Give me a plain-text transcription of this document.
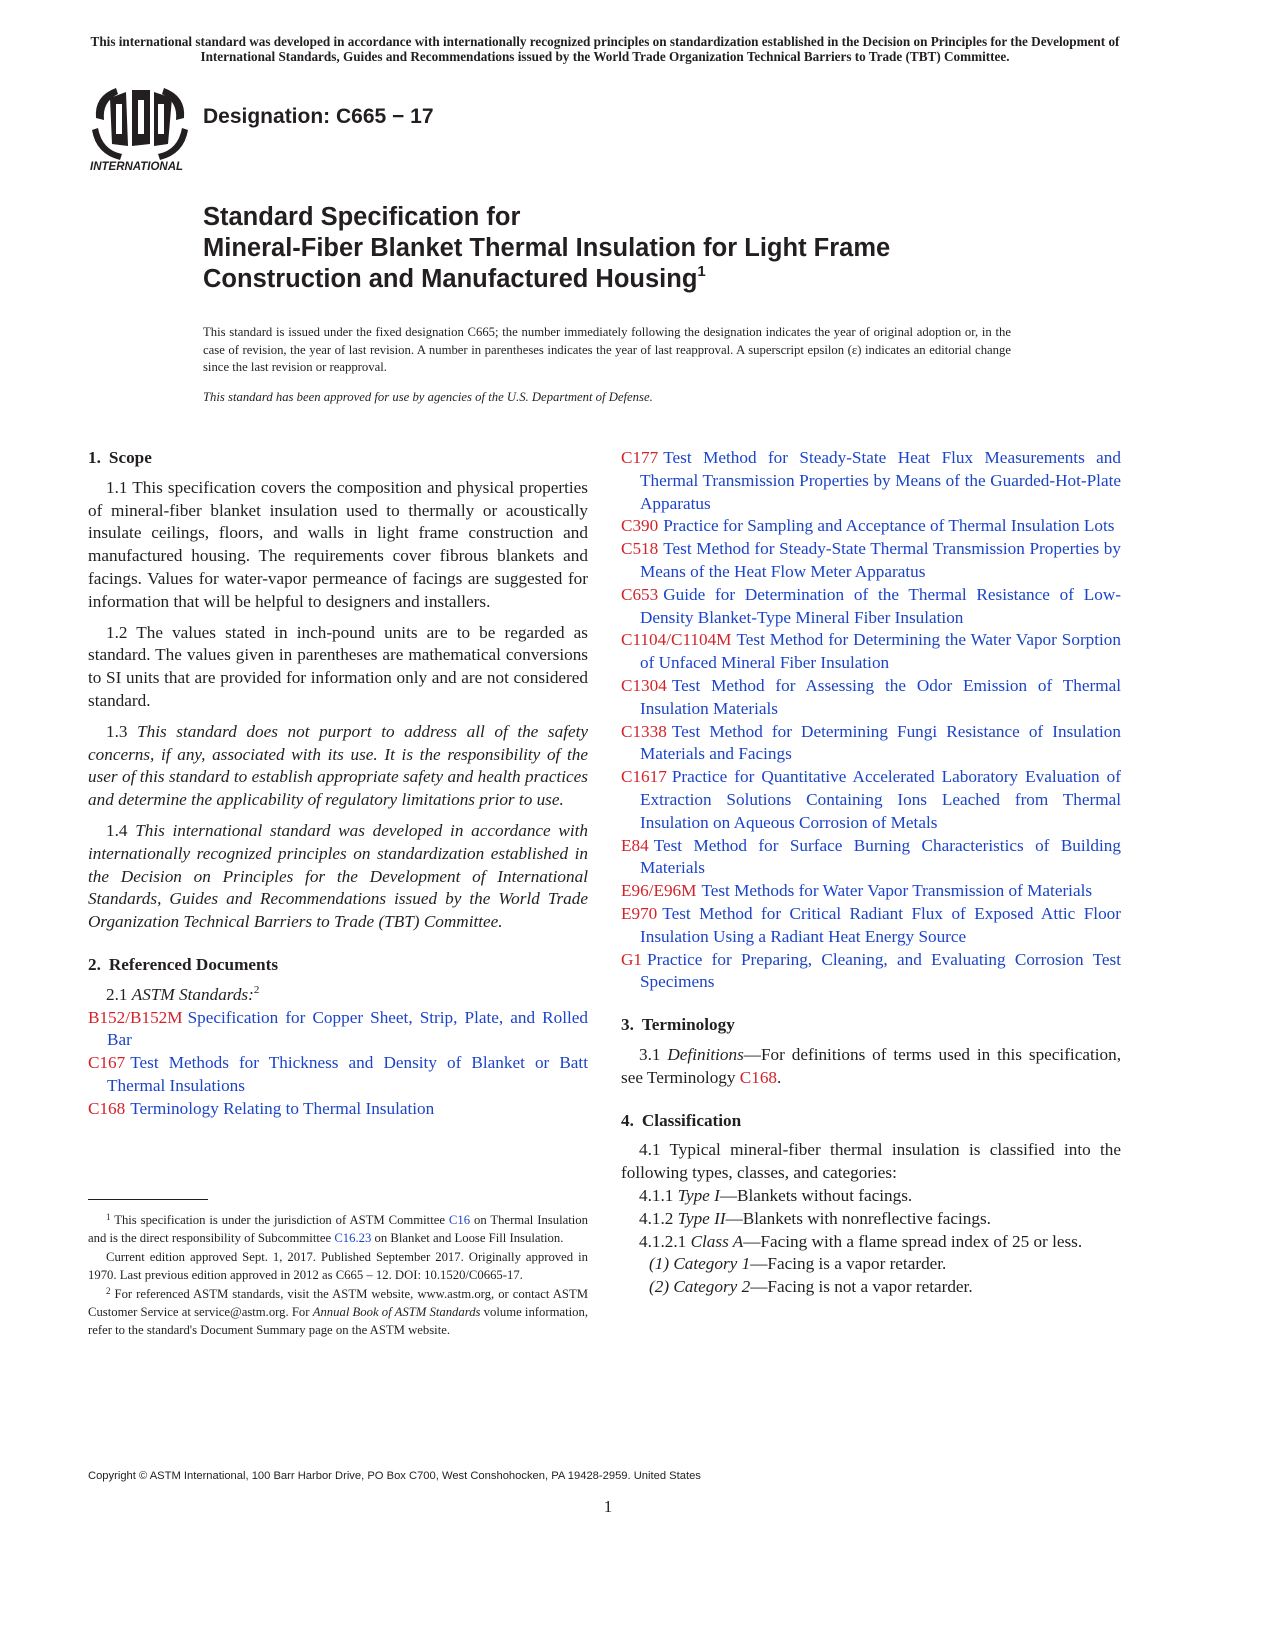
This international standard was developed in accordance with internationally recognized principles on standardization established in the Decision on Principles for the Development of International Standards, Guides and Recommendations issued by the World Trade Organization Technical Barriers to Trade (TBT) Committee.
INTERNATIONAL
Designation: C665 − 17
Standard Specification for
Mineral-Fiber Blanket Thermal Insulation for Light Frame
Construction and Manufactured Housing$^1$
This standard is issued under the fixed designation C665; the number immediately following the designation indicates the year of original adoption or, in the case of revision, the year of last revision. A number in parentheses indicates the year of last reapproval. A superscript epsilon (ε) indicates an editorial change since the last revision or reapproval.
This standard has been approved for use by agencies of the U.S. Department of Defense.
1. Scope

1.1 This specification covers the composition and physical properties of mineral-fiber blanket insulation used to thermally or acoustically insulate ceilings, floors, and walls in light frame construction and manufactured housing. The requirements cover fibrous blankets and facings. Values for water-vapor permeance of facings are suggested for information that will be helpful to designers and installers.

1.2 The values stated in inch-pound units are to be regarded as standard. The values given in parentheses are mathematical conversions to SI units that are provided for information only and are not considered standard.

1.3 This standard does not purport to address all of the safety concerns, if any, associated with its use. It is the responsibility of the user of this standard to establish appropriate safety and health practices and determine the applicability of regulatory limitations prior to use.

1.4 This international standard was developed in accordance with internationally recognized principles on standardization established in the Decision on Principles for the Development of International Standards, Guides and Recommendations issued by the World Trade Organization Technical Barriers to Trade (TBT) Committee.

2. Referenced Documents

2.1 ASTM Standards:$^2$

B152/B152M Specification for Copper Sheet, Strip, Plate, and Rolled Bar

C167 Test Methods for Thickness and Density of Blanket or Batt Thermal Insulations

C168 Terminology Relating to Thermal Insulation

C177 Test Method for Steady-State Heat Flux Measurements and Thermal Transmission Properties by Means of the Guarded-Hot-Plate Apparatus

C390 Practice for Sampling and Acceptance of Thermal Insulation Lots

C518 Test Method for Steady-State Thermal Transmission Properties by Means of the Heat Flow Meter Apparatus

C653 Guide for Determination of the Thermal Resistance of Low-Density Blanket-Type Mineral Fiber Insulation

C1104/C1104M Test Method for Determining the Water Vapor Sorption of Unfaced Mineral Fiber Insulation

C1304 Test Method for Assessing the Odor Emission of Thermal Insulation Materials

C1338 Test Method for Determining Fungi Resistance of Insulation Materials and Facings

C1617 Practice for Quantitative Accelerated Laboratory Evaluation of Extraction Solutions Containing Ions Leached from Thermal Insulation on Aqueous Corrosion of Metals

E84 Test Method for Surface Burning Characteristics of Building Materials

E96/E96M Test Methods for Water Vapor Transmission of Materials

E970 Test Method for Critical Radiant Flux of Exposed Attic Floor Insulation Using a Radiant Heat Energy Source

G1 Practice for Preparing, Cleaning, and Evaluating Corrosion Test Specimens

3. Terminology

3.1 Definitions—For definitions of terms used in this specification, see Terminology C168.

4. Classification

4.1 Typical mineral-fiber thermal insulation is classified into the following types, classes, and categories:

4.1.1 Type I—Blankets without facings.

4.1.2 Type II—Blankets with nonreflective facings.

4.1.2.1 Class A—Facing with a flame spread index of 25 or less.

(1) Category 1—Facing is a vapor retarder.

(2) Category 2—Facing is not a vapor retarder.

$^1$ This specification is under the jurisdiction of ASTM Committee C16 on Thermal Insulation and is the direct responsibility of Subcommittee C16.23 on Blanket and Loose Fill Insulation.

Current edition approved Sept. 1, 2017. Published September 2017. Originally approved in 1970. Last previous edition approved in 2012 as C665 – 12. DOI: 10.1520/C0665-17.

$^2$ For referenced ASTM standards, visit the ASTM website, www.astm.org, or contact ASTM Customer Service at service@astm.org. For Annual Book of ASTM Standards volume information, refer to the standard's Document Summary page on the ASTM website.

Copyright © ASTM International, 100 Barr Harbor Drive, PO Box C700, West Conshohocken, PA 19428-2959. United States
1
